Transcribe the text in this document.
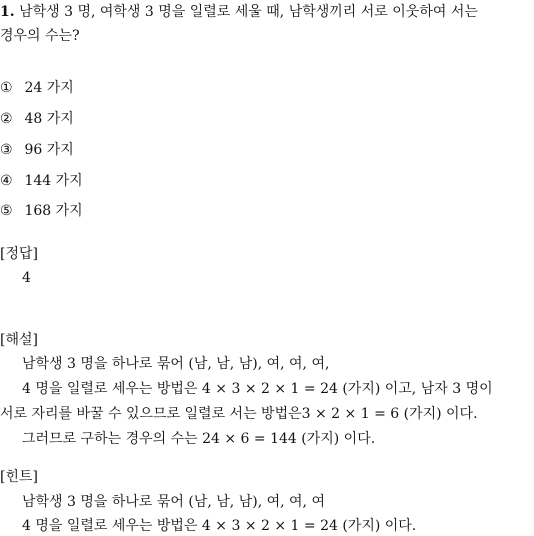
1. 남학생 3 명, 여학생 3 명을 일렬로 세울 때, 남학생끼리 서로 이웃하여 서는
경우의 수는?
① 24 가지
② 48 가지
③ 96 가지
④ 144 가지
⑤ 168 가지
[정답]
4
[해설]
남학생 3 명을 하나로 묶어 (남, 남, 남), 여, 여, 여,
4 명을 일렬로 세우는 방법은 4 × 3 × 2 × 1 = 24 (가지) 이고, 남자 3 명이
서로 자리를 바꿀 수 있으므로 일렬로 서는 방법은3 × 2 × 1 = 6 (가지) 이다.
그러므로 구하는 경우의 수는 24 × 6 = 144 (가지) 이다.
[힌트]
남학생 3 명을 하나로 묶어 (남, 남, 남), 여, 여, 여
4 명을 일렬로 세우는 방법은 4 × 3 × 2 × 1 = 24 (가지) 이다.
